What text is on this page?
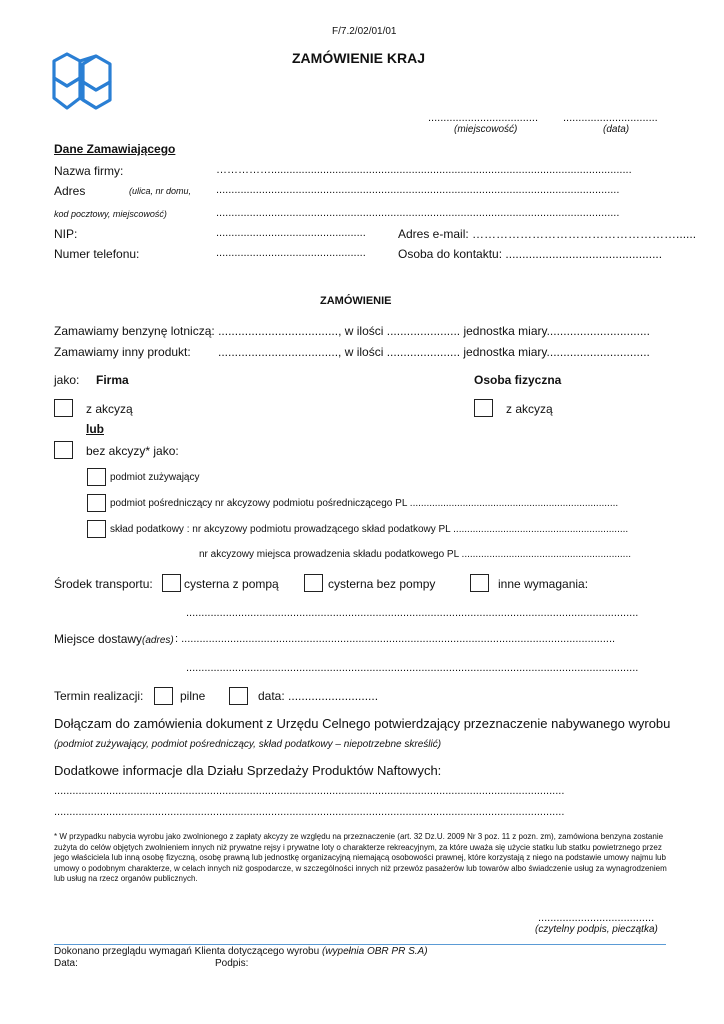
F/7.2/02/01/01
ZAMÓWIENIE KRAJ
.................................... ...............................
(miejscowość)	(data)
Dane Zamawiającego
Nazwa firmy:	……………......................................................................................................................
Adres	(ulica, nr domu, ....................................................................................................................................
kod pocztowy, miejscowość)	....................................................................................................................................
NIP:	.................................................	Adres e-mail: ……………………………………………......
Numer telefonu:	.................................................	Osoba do kontaktu: ...............................................
ZAMÓWIENIE
Zamawiamy benzynę lotniczą: ...................................., w ilości ...................... jednostka miary...............................
Zamawiamy inny produkt: ...................................., w ilości ...................... jednostka miary...............................
jako: Firma	Osoba fizyczna
z akcyzą	z akcyzą
lub
bez akcyzy* jako:
podmiot zużywający
podmiot pośredniczący nr akcyzowy podmiotu pośredniczącego PL ...........................................................................
skład podatkowy : nr akcyzowy podmiotu prowadzącego skład podatkowy PL ...............................................................
nr akcyzowy miejsca prowadzenia składu podatkowego PL .............................................................
Środek transportu:	cysterna z pompą	cysterna bez pompy	inne wymagania:
....................................................................................................................................................
Miejsce dostawy(adres) : ..............................................................................................................................................
....................................................................................................................................................
Termin realizacji:	pilne	data: ...........................
Dołączam do zamówienia dokument z Urzędu Celnego potwierdzający przeznaczenie nabywanego wyrobu
(podmiot zużywający, podmiot pośredniczący, skład podatkowy – niepotrzebne skreślić)
Dodatkowe informacje dla Działu Sprzedaży Produktów Naftowych:
.......................................................................................................................................................................
.......................................................................................................................................................................
* W przypadku nabycia wyrobu jako zwolnionego z zapłaty akcyzy ze względu na przeznaczenie (art. 32 Dz.U. 2009 Nr 3 poz. 11 z pozn. zm), zamówiona benzyna zostanie zużyta do celów objętych zwolnieniem innych niż prywatne rejsy i prywatne loty o charakterze rekreacyjnym, za które uważa się użycie statku lub statku powietrznego przez jego właściciela lub inną osobę fizyczną, osobę prawną lub jednostkę organizacyjną niemającą osobowości prawnej, które korzystają z niego na podstawie umowy najmu lub umowy o podobnym charakterze, w celach innych niż gospodarcze, w szczególności innych niż przewóz pasażerów lub towarów albo świadczenie usług za wynagrodzeniem lub usług na rzecz organów publicznych.
......................................
(czytelny podpis, pieczątka)
Dokonano przeglądu wymagań Klienta dotyczącego wyrobu (wypełnia OBR PR S.A)
Data:	Podpis:
